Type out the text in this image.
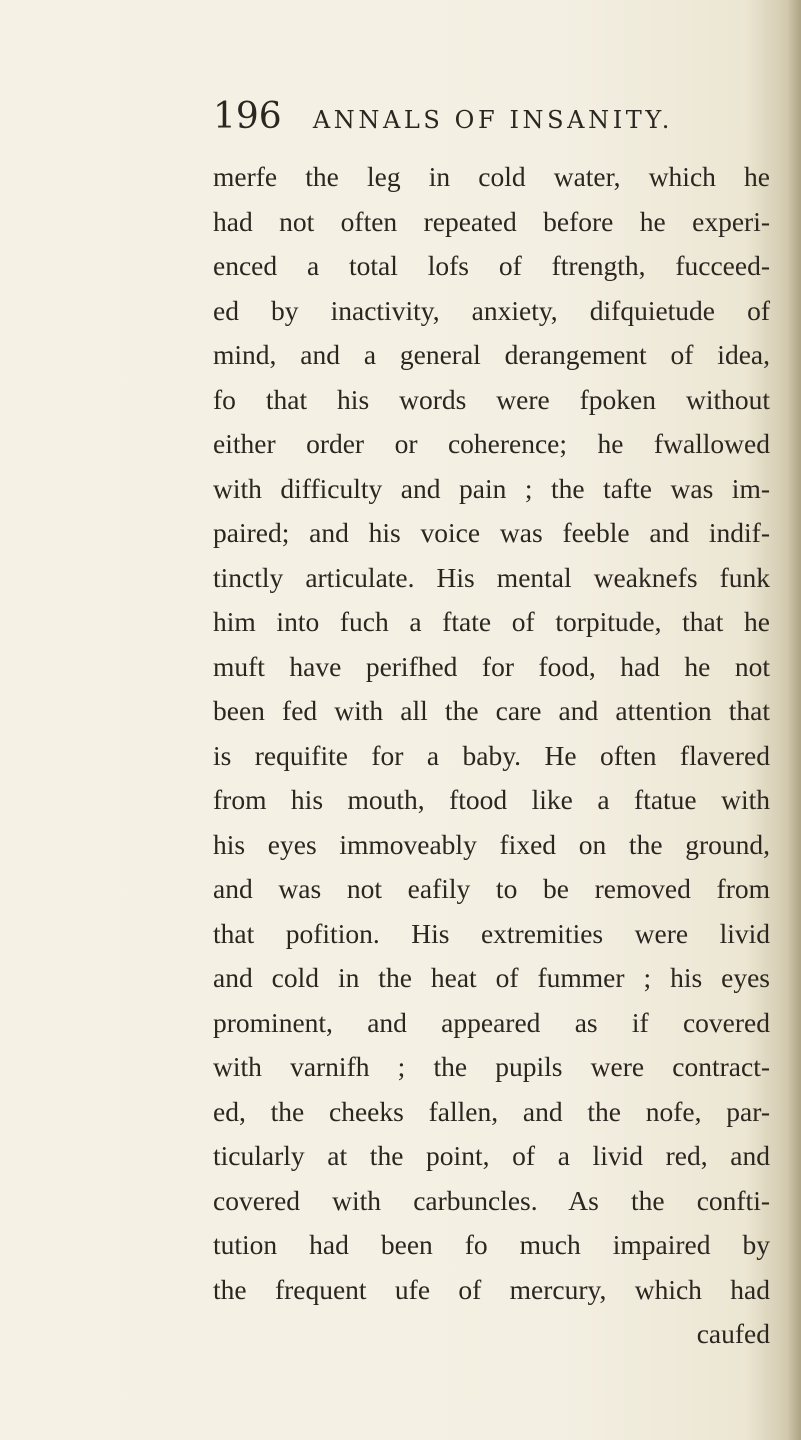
196 ANNALS OF INSANITY.
merfe the leg in cold water, which he
had not often repeated before he experi-
enced a total lofs of ftrength, fucceed-
ed by inactivity, anxiety, difquietude of
mind, and a general derangement of idea,
fo that his words were fpoken without
either order or coherence; he fwallowed
with difficulty and pain ; the tafte was im-
paired; and his voice was feeble and indif-
tinctly articulate. His mental weaknefs funk
him into fuch a ftate of torpitude, that he
muft have perifhed for food, had he not
been fed with all the care and attention that
is requifite for a baby. He often flavered
from his mouth, ftood like a ftatue with
his eyes immoveably fixed on the ground,
and was not eafily to be removed from
that pofition. His extremities were livid
and cold in the heat of fummer ; his eyes
prominent, and appeared as if covered
with varnifh ; the pupils were contract-
ed, the cheeks fallen, and the nofe, par-
ticularly at the point, of a livid red, and
covered with carbuncles. As the confti-
tution had been fo much impaired by
the frequent ufe of mercury, which had
caufed
